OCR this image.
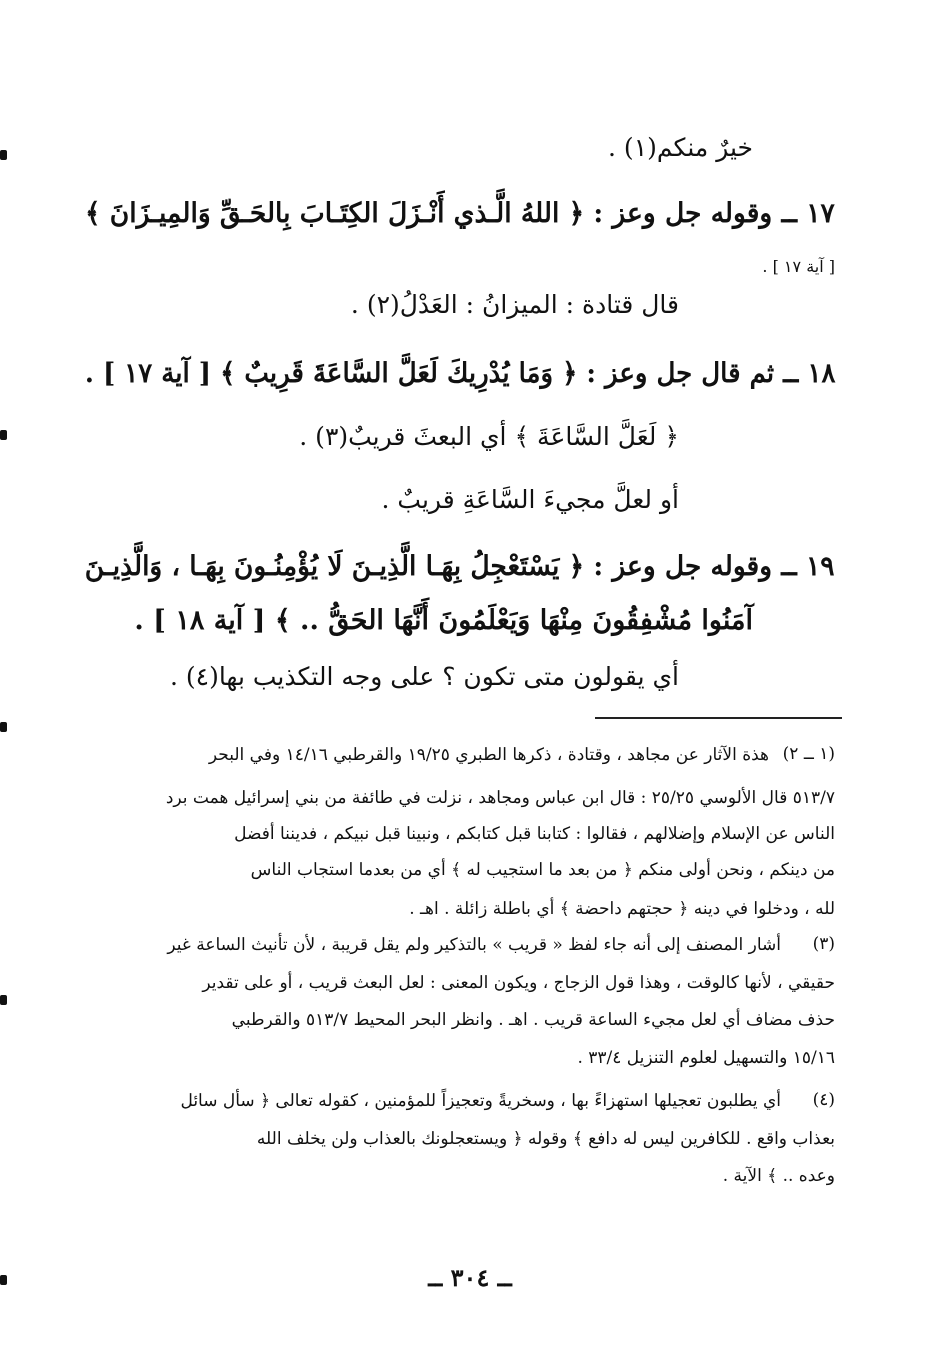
خيرٌ منكم(١) .
١٧ ــ وقوله جل وعز : ﴿ اللهُ الَّـذي أَنْـزَلَ الكِتَـابَ بِالحَـقِّ وَالمِيـزَانَ ﴾
[ آية ١٧ ] .
قال قتادة : الميزانُ : العَدْلُ(٢) .
١٨ ــ ثم قال جل وعز : ﴿ وَمَا يُدْرِيكَ لَعَلَّ السَّاعَةَ قَرِيبٌ ﴾ [ آية ١٧ ] .
﴿ لَعَلَّ السَّاعَةَ ﴾ أي البعثَ قريبٌ(٣) .
أو لعلَّ مجيءَ السَّاعَةِ قريبٌ .
١٩ ــ وقوله جل وعز : ﴿ يَسْتَعْجِلُ بِهَـا الَّذِيـنَ لَا يُؤْمِنُـونَ بِهَـا ، وَالَّذِيـنَ
آمَنُوا مُشْفِقُونَ مِنْهَا وَيَعْلَمُونَ أَنَّهَا الحَقُّ .. ﴾ [ آية ١٨ ] .
أي يقولون متى تكون ؟ على وجه التكذيب بها(٤) .
(١ ــ ٢)
هذة الآثار عن مجاهد ، وقتادة ، ذكرها الطبري ١٩/٢٥ والقرطبي ١٤/١٦ وفي البحر
٥١٣/٧ قال الألوسي ٢٥/٢٥ : قال ابن عباس ومجاهد ، نزلت في طائفة من بني إسرائيل همت برد
الناس عن الإسلام وإضلالهم ، فقالوا : كتابنا قبل كتابكم ، ونبينا قبل نبيكم ، فديننا أفضل
من دينكم ، ونحن أولى منكم ﴿ من بعد ما استجيب له ﴾ أي من بعدما استجاب الناس
لله ، ودخلوا في دينه ﴿ حجتهم داحضة ﴾ أي باطلة زائلة . اهـ .
(٣)
أشار المصنف إلى أنه جاء لفظ « قريب » بالتذكير ولم يقل قريبة ، لأن تأنيث الساعة غير
حقيقي ، لأنها كالوقت ، وهذا قول الزجاج ، ويكون المعنى : لعل البعث قريب ، أو على تقدير
حذف مضاف أي لعل مجيء الساعة قريب . اهـ . وانظر البحر المحيط ٥١٣/٧ والقرطبي
١٥/١٦ والتسهيل لعلوم التنزيل ٣٣/٤ .
(٤)
أي يطلبون تعجيلها استهزاءً بها ، وسخريةً وتعجيزاً للمؤمنين ، كقوله تعالى ﴿ سأل سائل
بعذاب واقع . للكافرين ليس له دافع ﴾ وقوله ﴿ ويستعجلونك بالعذاب ولن يخلف الله
وعده .. ﴾ الآية .
ــ ٣٠٤ ــ
